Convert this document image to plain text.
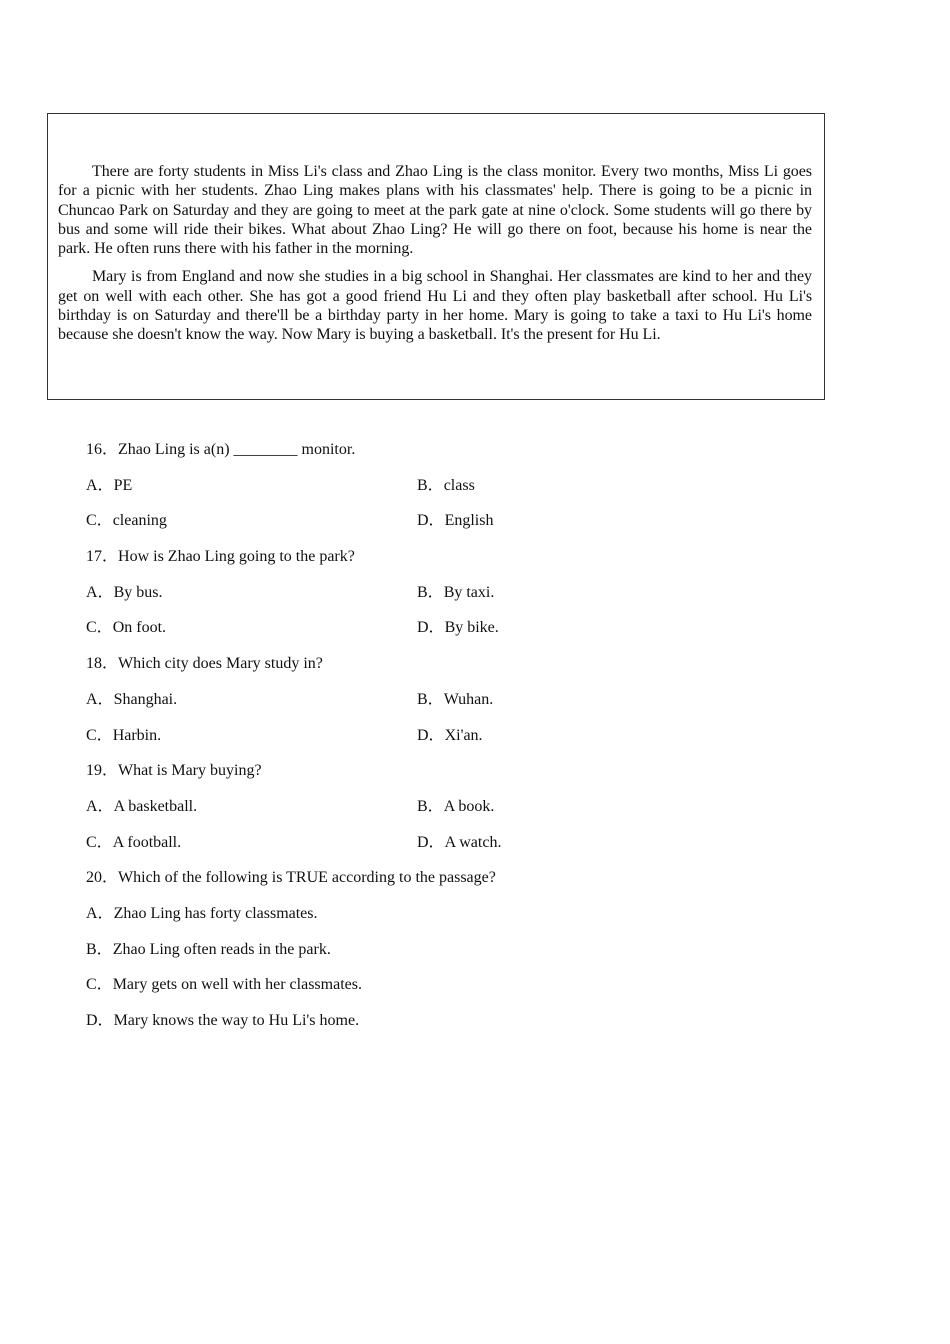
There are forty students in Miss Li's class and Zhao Ling is the class monitor. Every two months, Miss Li goes for a picnic with her students. Zhao Ling makes plans with his classmates' help. There is going to be a picnic in Chuncao Park on Saturday and they are going to meet at the park gate at nine o'clock. Some students will go there by bus and some will ride their bikes. What about Zhao Ling? He will go there on foot, because his home is near the park. He often runs there with his father in the morning.

Mary is from England and now she studies in a big school in Shanghai. Her classmates are kind to her and they get on well with each other. She has got a good friend Hu Li and they often play basketball after school. Hu Li's birthday is on Saturday and there'll be a birthday party in her home. Mary is going to take a taxi to Hu Li's home because she doesn't know the way. Now Mary is buying a basketball. It's the present for Hu Li.

16．Zhao Ling is a(n) ________ monitor.
A．PE	B．class
C．cleaning	D．English
17．How is Zhao Ling going to the park?
A．By bus.	B．By taxi.
C．On foot.	D．By bike.
18．Which city does Mary study in?
A．Shanghai.	B．Wuhan.
C．Harbin.	D．Xi'an.
19．What is Mary buying?
A．A basketball.	B．A book.
C．A football.	D．A watch.
20．Which of the following is TRUE according to the passage?
A．Zhao Ling has forty classmates.
B．Zhao Ling often reads in the park.
C．Mary gets on well with her classmates.
D．Mary knows the way to Hu Li's home.
